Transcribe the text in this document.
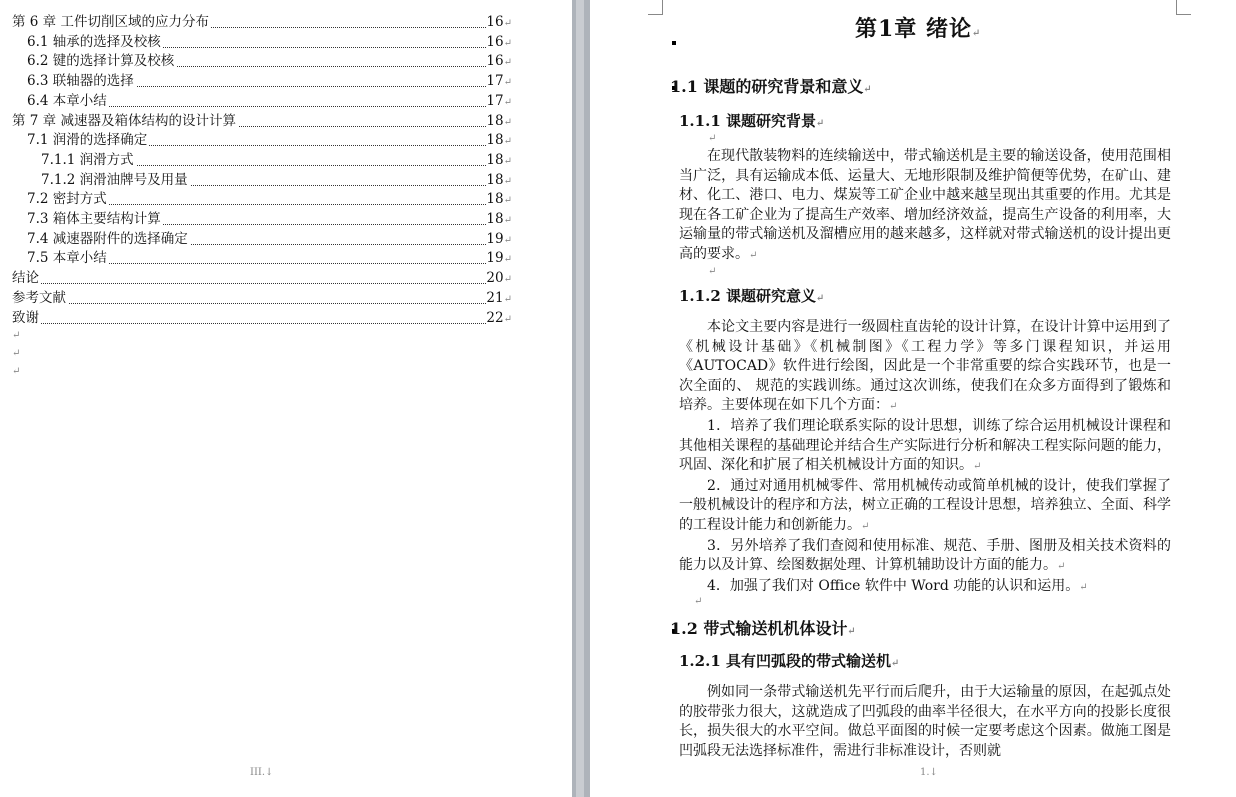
第 6 章 工件切削区域的应力分布	16↵
6.1 轴承的选择及校核	16↵
6.2 键的选择计算及校核	16↵
6.3 联轴器的选择	17↵
6.4 本章小结	17↵
第 7 章 减速器及箱体结构的设计计算	18↵
7.1 润滑的选择确定	18↵
7.1.1 润滑方式	18↵
7.1.2 润滑油牌号及用量	18↵
7.2 密封方式	18↵
7.3 箱体主要结构计算	18↵
7.4 减速器附件的选择确定	19↵
7.5 本章小结	19↵
结论	20↵
参考文献	21↵
致谢	22↵
↵
↵
↵
III.↓
第1章 绪论↵
1.1 课题的研究背景和意义↵
1.1.1 课题研究背景↵
↵

在现代散装物料的连续输送中，带式输送机是主要的输送设备，使用范围相当广泛，具有运输成本低、运量大、无地形限制及维护简便等优势，在矿山、建材、化工、港口、电力、煤炭等工矿企业中越来越呈现出其重要的作用。尤其是现在各工矿企业为了提高生产效率、增加经济效益，提高生产设备的利用率，大运输量的带式输送机及溜槽应用的越来越多，这样就对带式输送机的设计提出更高的要求。↵

↵
1.1.2 课题研究意义↵

本论文主要内容是进行一级圆柱直齿轮的设计计算，在设计计算中运用到了《机械设计基础》《机械制图》《工程力学》等多门课程知识，并运用《AUTOCAD》软件进行绘图，因此是一个非常重要的综合实践环节，也是一次全面的、 规范的实践训练。通过这次训练，使我们在众多方面得到了锻炼和培养。主要体现在如下几个方面：↵

1．培养了我们理论联系实际的设计思想，训练了综合运用机械设计课程和其他相关课程的基础理论并结合生产实际进行分析和解决工程实际问题的能力，巩固、深化和扩展了相关机械设计方面的知识。↵

2．通过对通用机械零件、常用机械传动或简单机械的设计，使我们掌握了一般机械设计的程序和方法，树立正确的工程设计思想，培养独立、全面、科学的工程设计能力和创新能力。↵

3．另外培养了我们查阅和使用标准、规范、手册、图册及相关技术资料的能力以及计算、绘图数据处理、计算机辅助设计方面的能力。↵

4．加强了我们对 Office 软件中 Word 功能的认识和运用。↵

↵
1.2 带式输送机机体设计↵
1.2.1 具有凹弧段的带式输送机↵

例如同一条带式输送机先平行而后爬升，由于大运输量的原因，在起弧点处的胶带张力很大，这就造成了凹弧段的曲率半径很大，在水平方向的投影长度很长，损失很大的水平空间。做总平面图的时候一定要考虑这个因素。做施工图是凹弧段无法选择标准件，需进行非标准设计，否则就

1.↓
